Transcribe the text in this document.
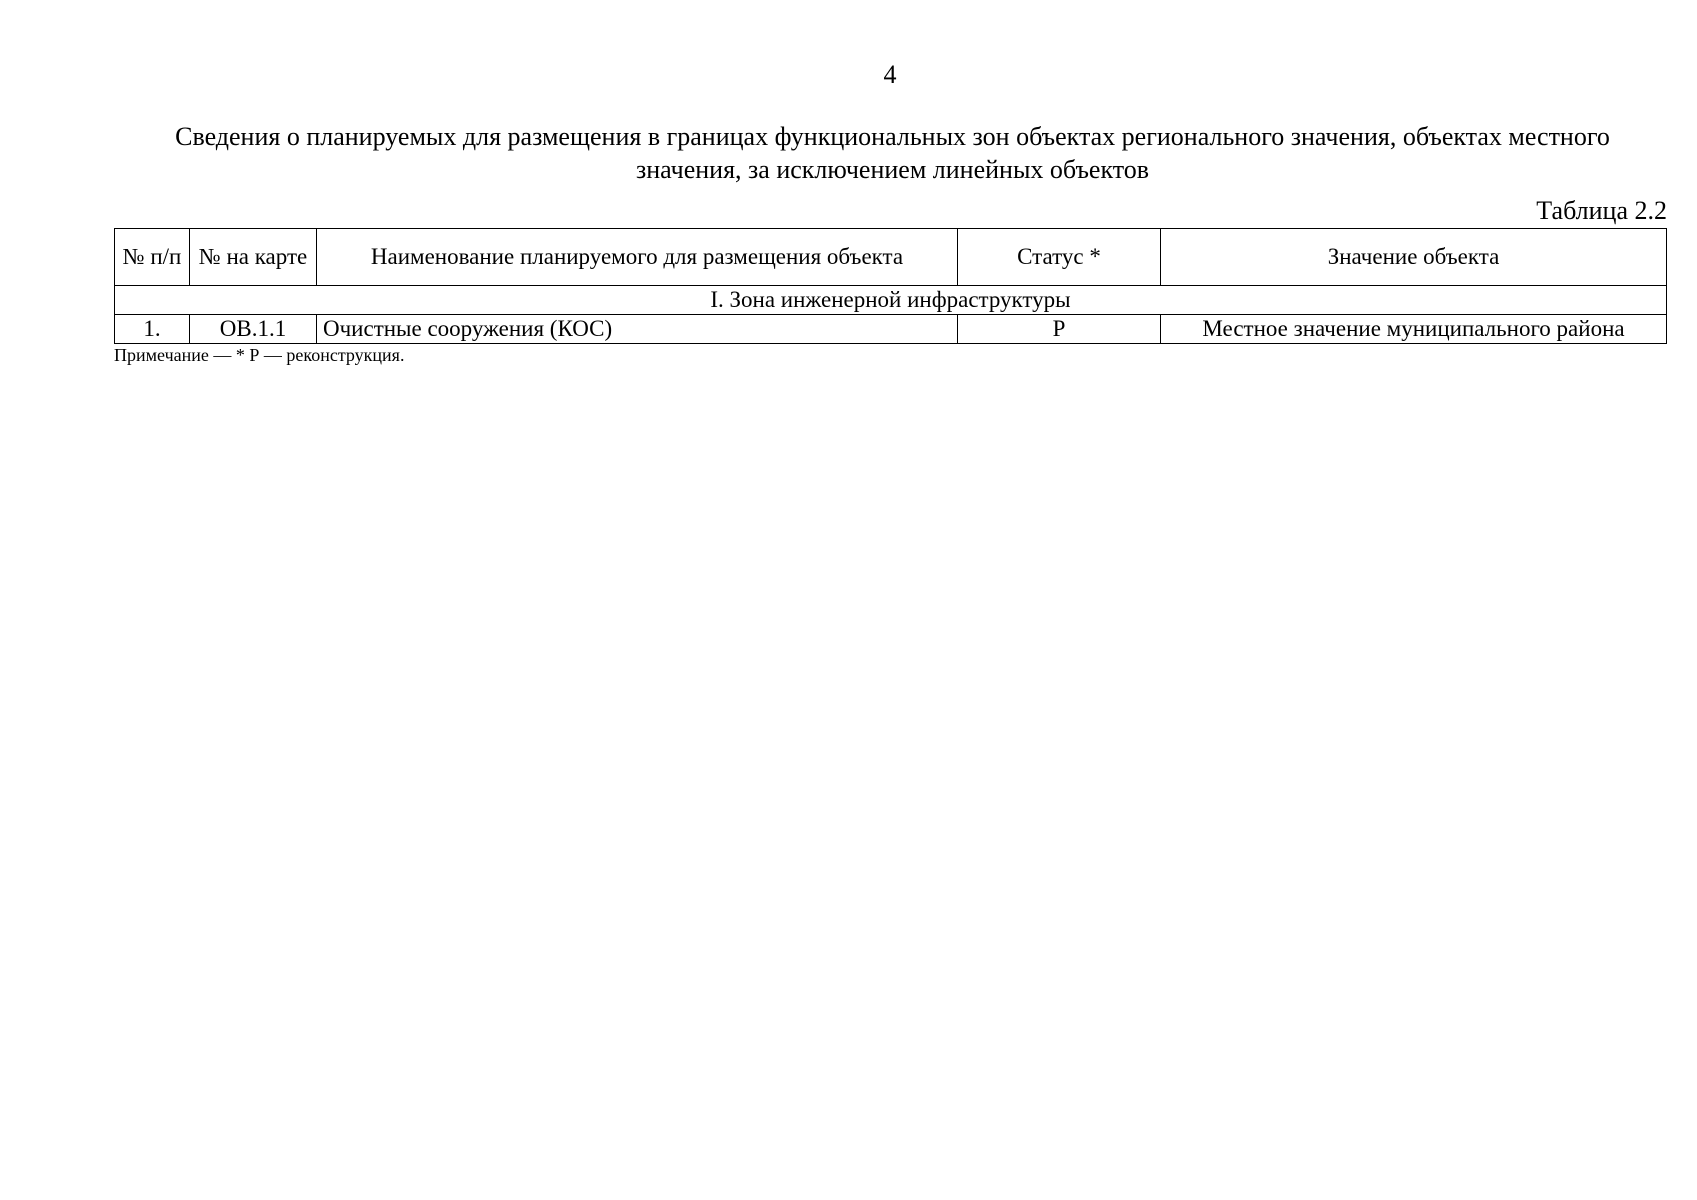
4
Сведения о планируемых для размещения в границах функциональных зон объектах регионального значения, объектах местного значения, за исключением линейных объектов
Таблица 2.2
№ п/п	№ на карте	Наименование планируемого для размещения объекта	Статус *	Значение объекта
I. Зона инженерной инфраструктуры				
1.	ОВ.1.1	Очистные сооружения (КОС)	Р	Местное значение муниципального района
Примечание — * Р — реконструкция.
